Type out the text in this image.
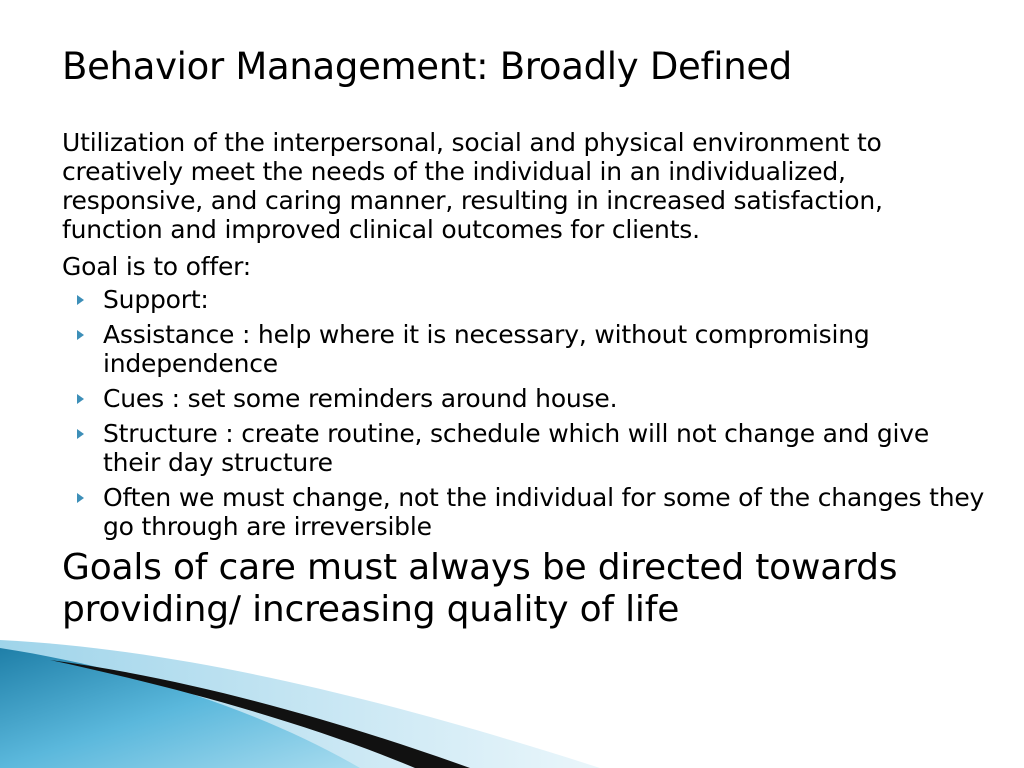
Behavior Management: Broadly Defined

Utilization of the interpersonal, social and physical environment to creatively meet the needs of the individual in an individualized, responsive, and caring manner, resulting in increased satisfaction, function and improved clinical outcomes for clients.

Goal is to offer:

Support:
Assistance : help where it is necessary, without compromising independence
Cues : set some reminders around house.
Structure : create routine, schedule which will not change and give their day structure
Often we must change, not the individual for some of the changes they go through are irreversible

Goals of care must always be directed towards providing/ increasing quality of life
